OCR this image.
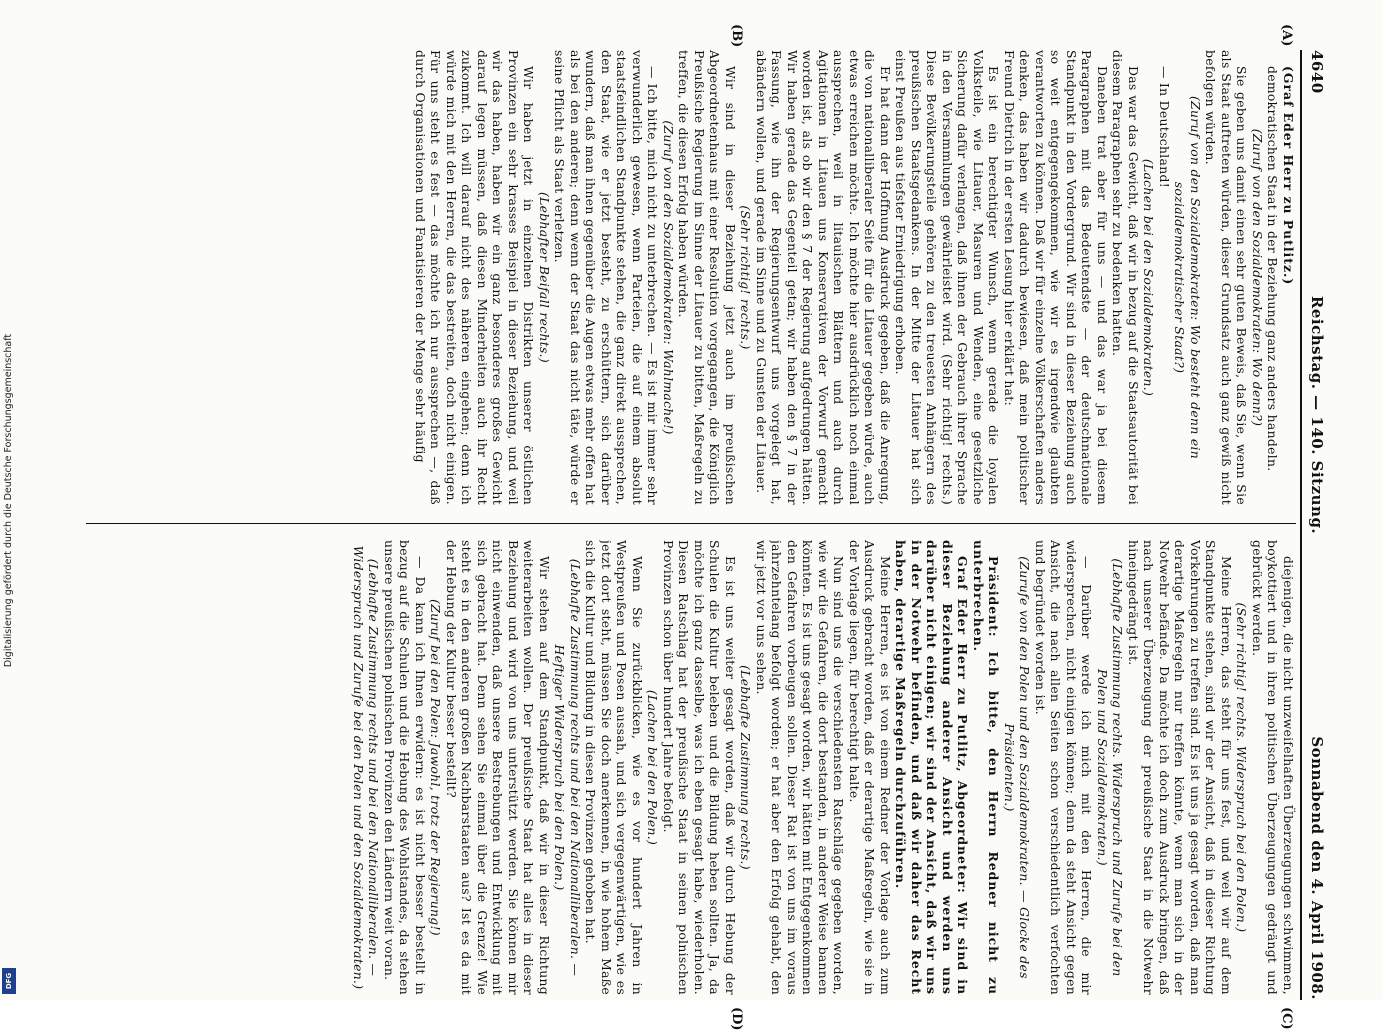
4640
Reichstag. — 140. Sitzung.
Sonnabend den 4. April 1908.

(Graf Eder Herr zu Putlitz.)

demokratischen Staat in der Beziehung ganz anders handeln.

(Zuruf von den Sozialdemokraten: Wo denn?)

Sie geben uns damit einen sehr guten Beweis, daß Sie, wenn Sie als Staat auftreten würden, dieser Grundsatz auch ganz gewiß nicht befolgen würden.

(Zuruf von den Sozialdemokraten: Wo besteht denn ein sozialdemokratischer Staat?)

— In Deutschland!

(Lachen bei den Sozialdemokraten.)

Das war das Gewicht, daß wir in bezug auf die Staatsautorität bei diesem Paragraphen sehr zu bedenken hatten.

Daneben trat aber für uns — und das war ja bei diesem Paragraphen mit das Bedeutendste — der deutschnationale Standpunkt in den Vordergrund. Wir sind in dieser Beziehung auch so weit entgegengekommen, wie wir es irgendwie glaubten verantworten zu können. Daß wir für einzelne Völkerschaften anders denken, das haben wir dadurch bewiesen, daß mein politischer Freund Dietrich in der ersten Lesung hier erklärt hat:

Es ist ein berechtigter Wunsch, wenn gerade die loyalen Volksteile, wie Litauer, Masuren und Wenden, eine gesetzliche Sicherung dafür verlangen, daß ihnen der Gebrauch ihrer Sprache in den Versammlungen gewährleistet wird. (Sehr richtig! rechts.) Diese Bevölkerungsteile gehören zu den treuesten Anhängern des preußischen Staatsgedankens. In der Mitte der Litauer hat sich einst Preußen aus tiefster Erniedrigung erhoben.

Er hat dann der Hoffnung Ausdruck gegeben, daß die Anregung, die von nationalliberaler Seite für die Litauer gegeben würde, auch etwas erreichen möchte. Ich möchte hier ausdrücklich noch einmal aussprechen, weil in litauischen Blättern und auch durch Agitationen in Litauen uns Konservativen der Vorwurf gemacht worden ist, als ob wir den § 7 der Regierung aufgedrungen hätten. Wir haben gerade das Gegenteil getan; wir haben den § 7 in der Fassung, wie ihn der Regierungsentwurf uns vorgelegt hat, abändern wollen, und gerade im Sinne und zu Gunsten der Litauer.

(Sehr richtig! rechts.)

Wir sind in dieser Beziehung jetzt auch im preußischen Abgeordnetenhaus mit einer Resolution vorgegangen, die Königlich Preußische Regierung im Sinne der Litauer zu bitten, Maßregeln zu treffen, die diesen Erfolg haben würden.

(Zuruf von den Sozialdemokraten: Wahlmache!)

— Ich bitte, mich nicht zu unterbrechen. — Es ist mir immer sehr verwunderlich gewesen, wenn Parteien, die auf einem absolut staatsfeindlichen Standpunkte stehen, die ganz direkt aussprechen, den Staat, wie er jetzt besteht, zu erschüttern, sich darüber wundern, daß man ihnen gegenüber die Augen etwas mehr offen hat als bei den anderen; denn wenn der Staat das nicht täte, würde er seine Pflicht als Staat verletzen.

(Lebhafter Beifall rechts.)

Wir haben jetzt in einzelnen Distrikten unserer östlichen Provinzen ein sehr krasses Beispiel in dieser Beziehung, und weil wir das haben, haben wir ein ganz besonderes großes Gewicht darauf legen müssen, daß diesen Minderheiten auch ihr Recht zukommt. Ich will darauf nicht des näheren eingehen; denn ich würde mich mit den Herren, die das bestreiten, doch nicht einigen. Für uns steht es fest — das möchte ich nur aussprechen —, daß durch Organisationen und Fanatisieren der Menge sehr häufig

diejenigen, die nicht unzweifelhaften Überzeugungen schwimmen, boykottiert und in ihren politischen Überzeugungen gedrängt und gebrückt werden.

(Sehr richtig! rechts. Widerspruch bei den Polen.)

Meine Herren, das steht für uns fest, und weil wir auf dem Standpunkte stehen, sind wir der Ansicht, daß in dieser Richtung Vorkehrungen zu treffen sind. Es ist uns ja gesagt worden, daß man derartige Maßregeln nur treffen könnte, wenn man sich in der Notwehr befände. Da möchte ich doch zum Ausdruck bringen, daß nach unserer Überzeugung der preußische Staat in die Notwehr hineingedrängt ist.

(Lebhafte Zustimmung rechts. Widerspruch und Zurufe bei den Polen und Sozialdemokraten.)

— Darüber werde ich mich mit den Herren, die mir widersprechen, nicht einigen können; denn da steht Ansicht gegen Ansicht, die nach allen Seiten schon verschiedentlich verfochten und begründet worden ist.

(Zurufe von den Polen und den Sozialdemokraten. — Glocke des Präsidenten.)

Präsident: Ich bitte, den Herrn Redner nicht zu unterbrechen.

Graf Eder Herr zu Putlitz, Abgeordneter: Wir sind in dieser Beziehung anderer Ansicht und werden uns darüber nicht einigen; wir sind der Ansicht, daß wir uns in der Notwehr befinden, und daß wir daher das Recht haben, derartige Maßregeln durchzuführen.

Meine Herren, es ist von einem Redner der Vorlage auch zum Ausdruck gebracht worden, daß er derartige Maßregeln, wie sie in der Vorlage liegen, für berechtigt halte.

Nun sind uns die verschiedensten Ratschläge gegeben worden, wie wir die Gefahren, die dort bestanden, in anderer Weise bannen könnten. Es ist uns gesagt worden, wir hätten mit Entgegenkommen den Gefahren vorbeugen sollen. Dieser Rat ist von uns im voraus jahrzehntelang befolgt worden; er hat aber den Erfolg gehabt, den wir jetzt vor uns sehen.

(Lebhafte Zustimmung rechts.)

Es ist uns weiter gesagt worden, daß wir durch Hebung der Schulen die Kultur beleben und die Bildung heben sollten. Ja, da möchte ich ganz dasselbe, was ich eben gesagt habe, wiederholen. Diesen Ratschlag hat der preußische Staat in seinen polnischen Provinzen schon über hundert Jahre befolgt.

(Lachen bei den Polen.)

Wenn Sie zurückblicken, wie es vor hundert Jahren in Westpreußen und Posen aussah, und sich vergegenwärtigen, wie es jetzt dort steht, müssen Sie doch anerkennen, in wie hohem Maße sich die Kultur und Bildung in diesen Provinzen gehoben hat.

(Lebhafte Zustimmung rechts und bei den Nationalliberalen. — Heftiger Widerspruch bei den Polen.)

Wir stehen auf dem Standpunkt, daß wir in dieser Richtung weiterarbeiten wollen. Der preußische Staat hat alles in dieser Beziehung und wird von uns unterstützt werden. Sie können mir nicht einwenden, daß unsere Bestrebungen und Entwicklung mit sich gebracht hat. Denn sehen Sie einmal über die Grenze! Wie steht es in den anderen großen Nachbarstaaten aus? Ist es da mit der Hebung der Kultur besser bestellt?

(Zuruf bei den Polen: Jawohl, trotz der Regierung!)

— Da kann ich Ihnen erwidern: es ist nicht besser bestellt in bezug auf die Schulen und die Hebung des Wohlstandes, da stehen unsere preußischen polnischen Provinzen den Ländern weit voran.

(Lebhafte Zustimmung rechts und bei den Nationalliberalen. — Widerspruch und Zurufe bei den Polen und den Sozialdemokraten.)

(A)
(B)
(C)
(D)
Digitalisierung gefördert durch die Deutsche Forschungsgemeinschaft
DFG
